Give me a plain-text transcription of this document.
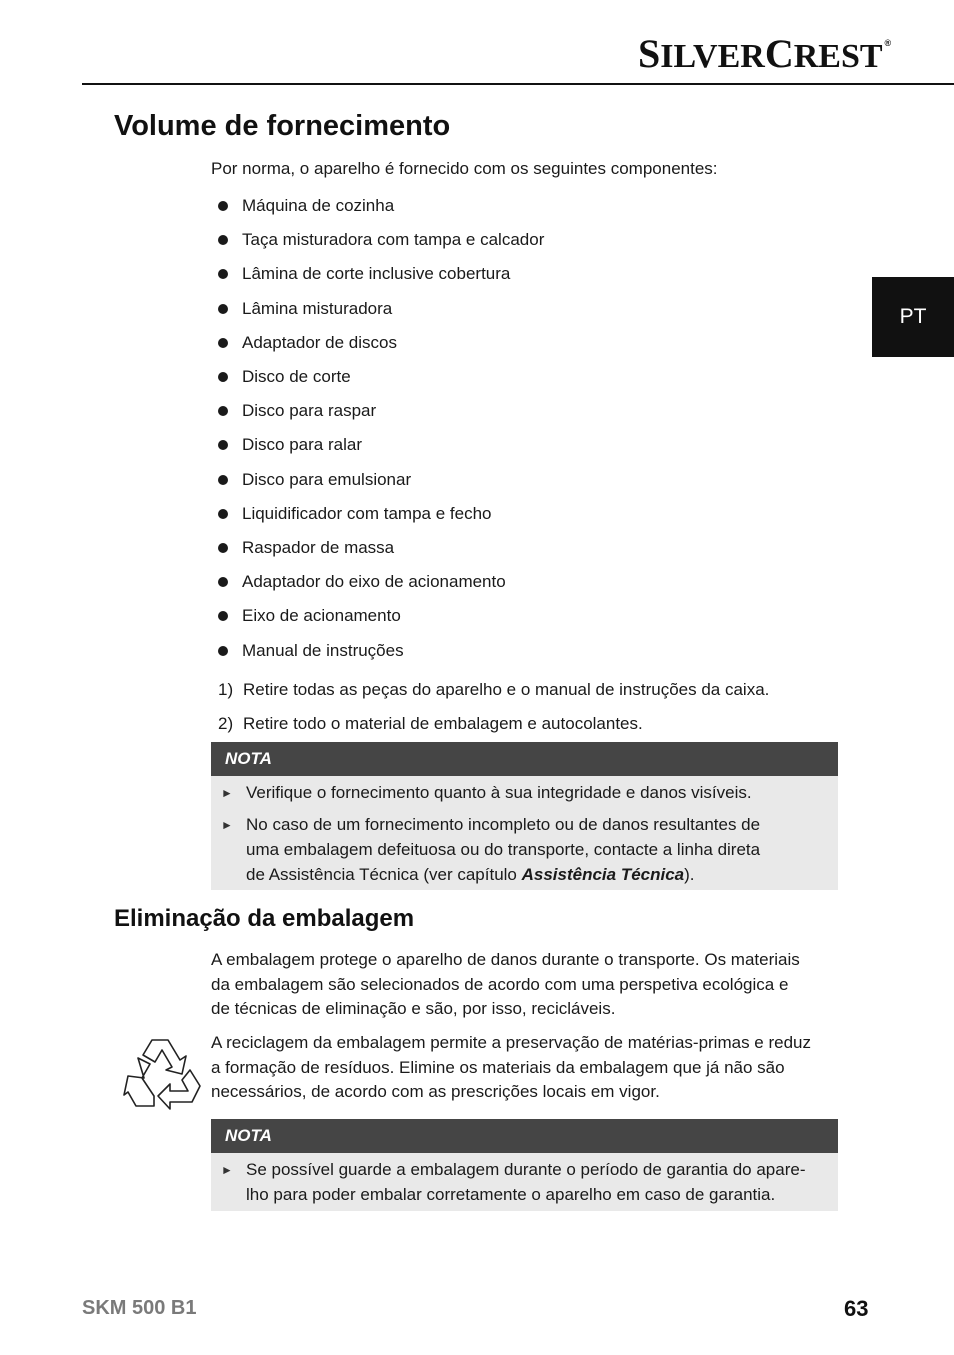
SILVERCREST ®
PT
Volume de fornecimento
Por norma, o aparelho é fornecido com os seguintes componentes:
Máquina de cozinha
Taça misturadora com tampa e calcador
Lâmina de corte inclusive cobertura
Lâmina misturadora
Adaptador de discos
Disco de corte
Disco para raspar
Disco para ralar
Disco para emulsionar
Liquidificador com tampa e fecho
Raspador de massa
Adaptador do eixo de acionamento
Eixo de acionamento
Manual de instruções
1) Retire todas as peças do aparelho e o manual de instruções da caixa.
2) Retire todo o material de embalagem e autocolantes.
NOTA
► Verifique o fornecimento quanto à sua integridade e danos visíveis.
► No caso de um fornecimento incompleto ou de danos resultantes de
uma embalagem defeituosa ou do transporte, contacte a linha direta
de Assistência Técnica (ver capítulo Assistência Técnica).
Eliminação da embalagem
A embalagem protege o aparelho de danos durante o transporte. Os materiais
da embalagem são selecionados de acordo com uma perspetiva ecológica e
de técnicas de eliminação e são, por isso, recicláveis.
A reciclagem da embalagem permite a preservação de matérias-primas e reduz
a formação de resíduos. Elimine os materiais da embalagem que já não são
necessários, de acordo com as prescrições locais em vigor.
NOTA
► Se possível guarde a embalagem durante o período de garantia do apare-
lho para poder embalar corretamente o aparelho em caso de garantia.
SKM 500 B1	63
